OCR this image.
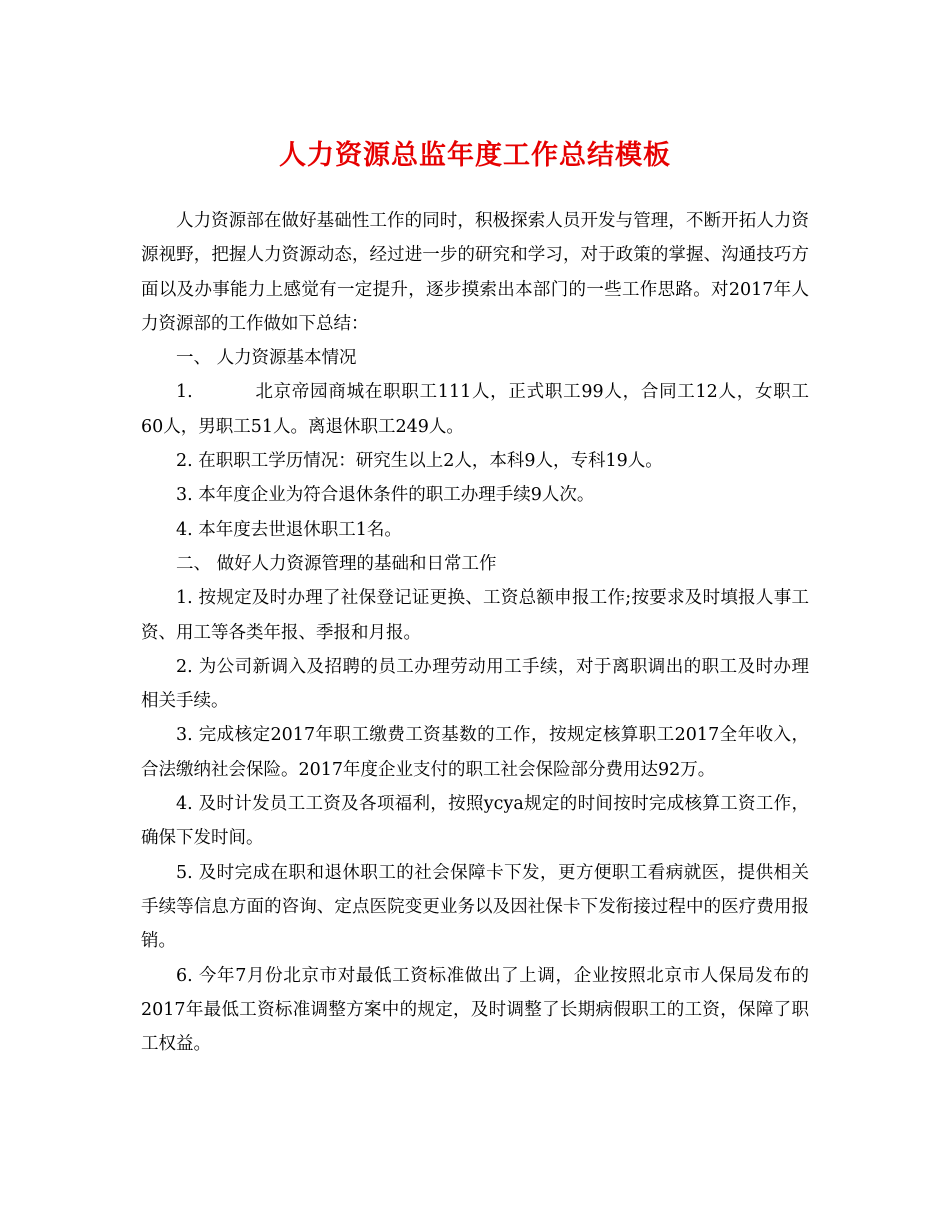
人力资源总监年度工作总结模板

人力资源部在做好基础性工作的同时，积极探索人员开发与管理，不断开拓人力资源视野，把握人力资源动态，经过进一步的研究和学习，对于政策的掌握、沟通技巧方面以及办事能力上感觉有一定提升，逐步摸索出本部门的一些工作思路。对2017年人力资源部的工作做如下总结：

一、 人力资源基本情况

1.	北京帝园商城在职职工111人，正式职工99人，合同工12人，女职工60人，男职工51人。离退休职工249人。

2. 在职职工学历情况：研究生以上2人，本科9人，专科19人。

3. 本年度企业为符合退休条件的职工办理手续9人次。

4. 本年度去世退休职工1名。

二、 做好人力资源管理的基础和日常工作

1. 按规定及时办理了社保登记证更换、工资总额申报工作;按要求及时填报人事工资、用工等各类年报、季报和月报。

2. 为公司新调入及招聘的员工办理劳动用工手续，对于离职调出的职工及时办理相关手续。

3. 完成核定2017年职工缴费工资基数的工作，按规定核算职工2017全年收入，合法缴纳社会保险。2017年度企业支付的职工社会保险部分费用达92万。

4. 及时计发员工工资及各项福利，按照ycya规定的时间按时完成核算工资工作，确保下发时间。

5. 及时完成在职和退休职工的社会保障卡下发，更方便职工看病就医，提供相关手续等信息方面的咨询、定点医院变更业务以及因社保卡下发衔接过程中的医疗费用报销。

6. 今年7月份北京市对最低工资标准做出了上调，企业按照北京市人保局发布的2017年最低工资标准调整方案中的规定，及时调整了长期病假职工的工资，保障了职工权益。
